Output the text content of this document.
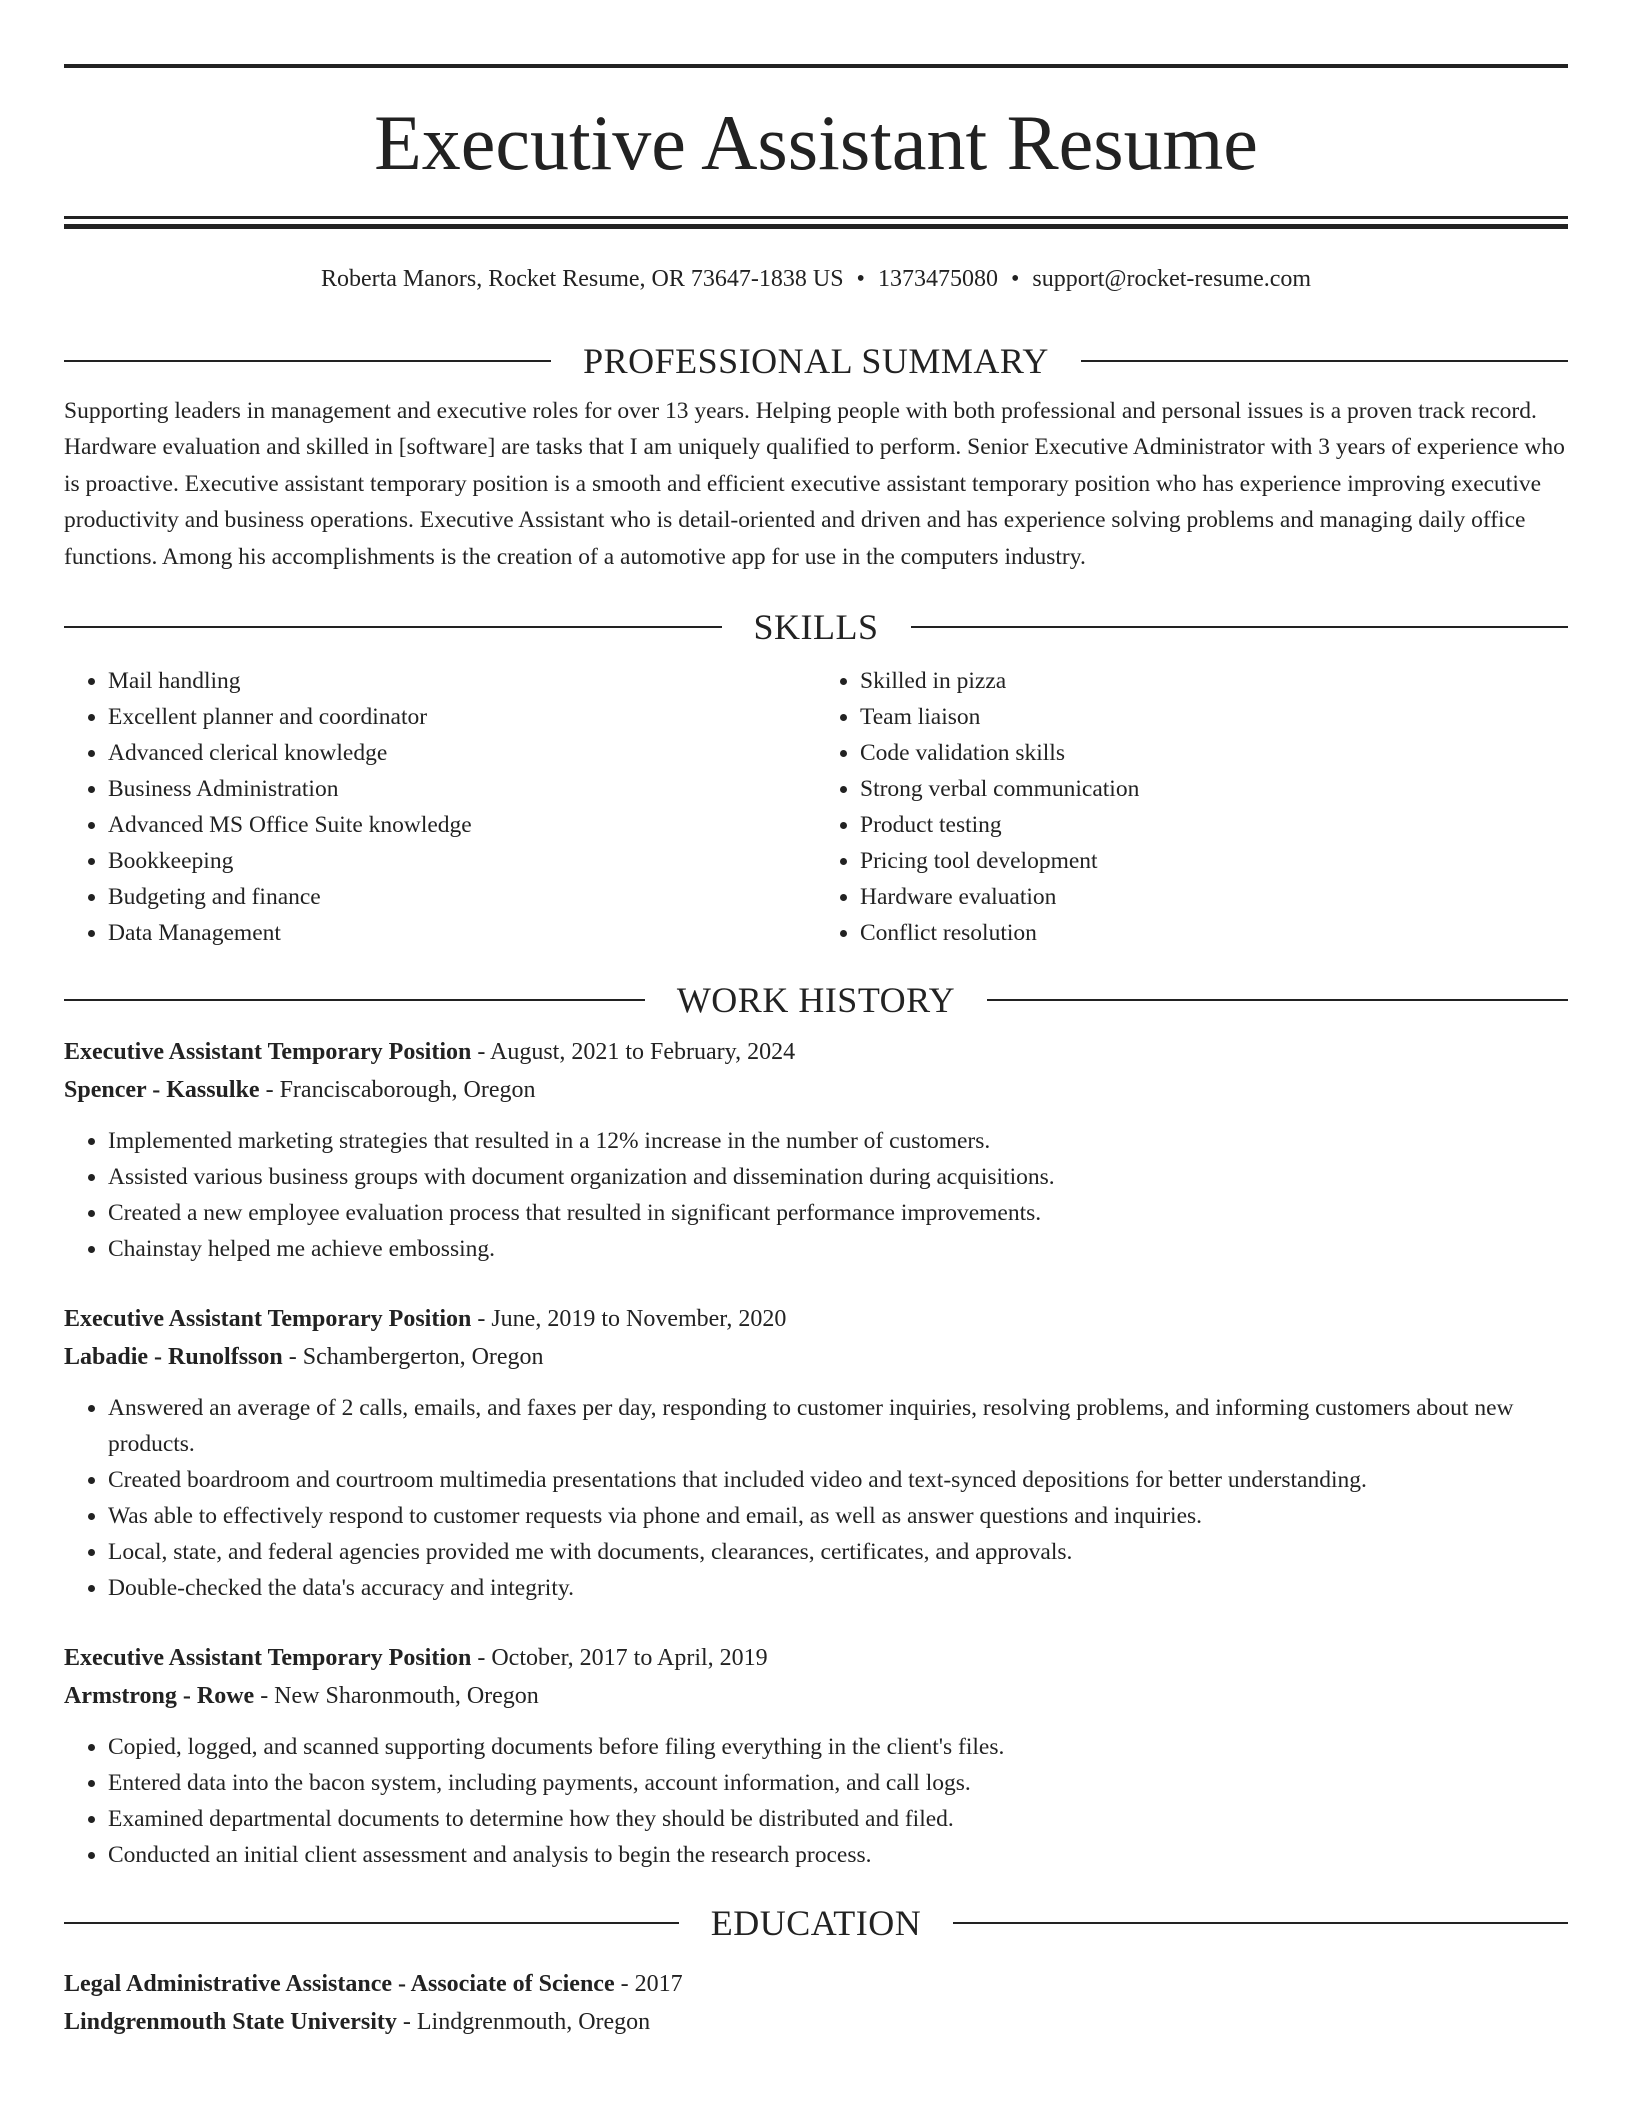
Executive Assistant Resume
Roberta Manors, Rocket Resume, OR 73647-1838 US • 1373475080 • support@rocket-resume.com
PROFESSIONAL SUMMARY

Supporting leaders in management and executive roles for over 13 years. Helping people with both professional and personal issues is a proven track record. Hardware evaluation and skilled in [software] are tasks that I am uniquely qualified to perform. Senior Executive Administrator with 3 years of experience who is proactive. Executive assistant temporary position is a smooth and efficient executive assistant temporary position who has experience improving executive productivity and business operations. Executive Assistant who is detail-oriented and driven and has experience solving problems and managing daily office functions. Among his accomplishments is the creation of a automotive app for use in the computers industry.

SKILLS
• Mail handling
• Excellent planner and coordinator
• Advanced clerical knowledge
• Business Administration
• Advanced MS Office Suite knowledge
• Bookkeeping
• Budgeting and finance
• Data Management
• Skilled in pizza
• Team liaison
• Code validation skills
• Strong verbal communication
• Product testing
• Pricing tool development
• Hardware evaluation
• Conflict resolution
WORK HISTORY
Executive Assistant Temporary Position - August, 2021 to February, 2024
Spencer - Kassulke - Franciscaborough, Oregon
• Implemented marketing strategies that resulted in a 12% increase in the number of customers.
• Assisted various business groups with document organization and dissemination during acquisitions.
• Created a new employee evaluation process that resulted in significant performance improvements.
• Chainstay helped me achieve embossing.
Executive Assistant Temporary Position - June, 2019 to November, 2020
Labadie - Runolfsson - Schambergerton, Oregon
• Answered an average of 2 calls, emails, and faxes per day, responding to customer inquiries, resolving problems, and informing customers about new products.
• Created boardroom and courtroom multimedia presentations that included video and text-synced depositions for better understanding.
• Was able to effectively respond to customer requests via phone and email, as well as answer questions and inquiries.
• Local, state, and federal agencies provided me with documents, clearances, certificates, and approvals.
• Double-checked the data's accuracy and integrity.
Executive Assistant Temporary Position - October, 2017 to April, 2019
Armstrong - Rowe - New Sharonmouth, Oregon
• Copied, logged, and scanned supporting documents before filing everything in the client's files.
• Entered data into the bacon system, including payments, account information, and call logs.
• Examined departmental documents to determine how they should be distributed and filed.
• Conducted an initial client assessment and analysis to begin the research process.
EDUCATION
Legal Administrative Assistance - Associate of Science - 2017
Lindgrenmouth State University - Lindgrenmouth, Oregon
